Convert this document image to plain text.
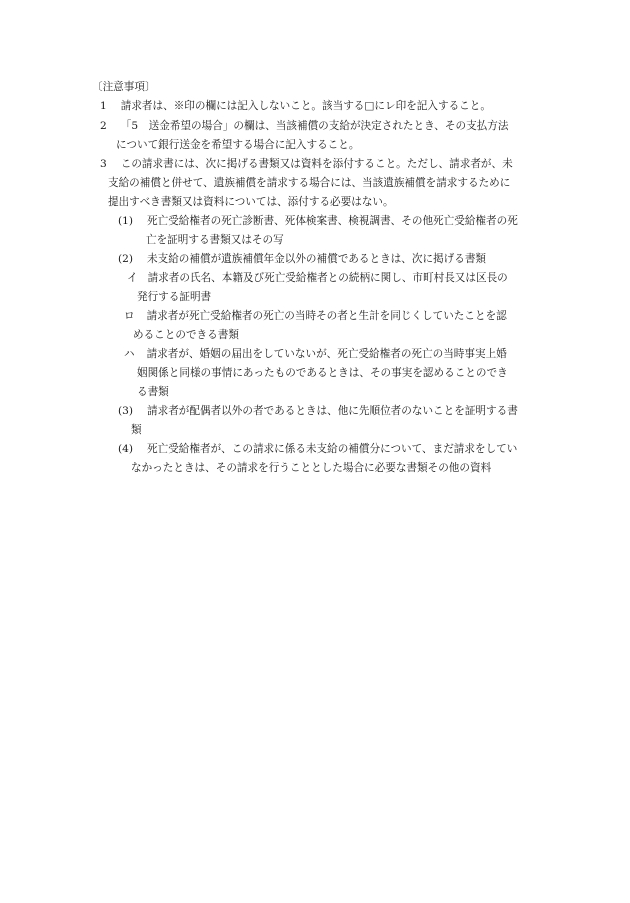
〔注意事項〕
1 請求者は、※印の欄には記入しないこと。該当する□にレ印を記入すること。
2 「5　送金希望の場合」の欄は、当該補償の支給が決定されたとき、その支払方法
について銀行送金を希望する場合に記入すること。
3 この請求書には、次に掲げる書類又は資料を添付すること。ただし、請求者が、未
支給の補償と併せて、遺族補償を請求する場合には、当該遺族補償を請求するために
提出すべき書類又は資料については、添付する必要はない。
(1) 死亡受給権者の死亡診断書、死体検案書、検視調書、その他死亡受給権者の死
亡を証明する書類又はその写
(2) 未支給の補償が遺族補償年金以外の補償であるときは、次に掲げる書類
イ 請求者の氏名、本籍及び死亡受給権者との続柄に関し、市町村長又は区長の
発行する証明書
ロ 請求者が死亡受給権者の死亡の当時その者と生計を同じくしていたことを認
めることのできる書類
ハ 請求者が、婚姻の届出をしていないが、死亡受給権者の死亡の当時事実上婚
姻関係と同様の事情にあったものであるときは、その事実を認めることのでき
る書類
(3) 請求者が配偶者以外の者であるときは、他に先順位者のないことを証明する書
類
(4) 死亡受給権者が、この請求に係る未支給の補償分について、まだ請求をしてい
なかったときは、その請求を行うこととした場合に必要な書類その他の資料
